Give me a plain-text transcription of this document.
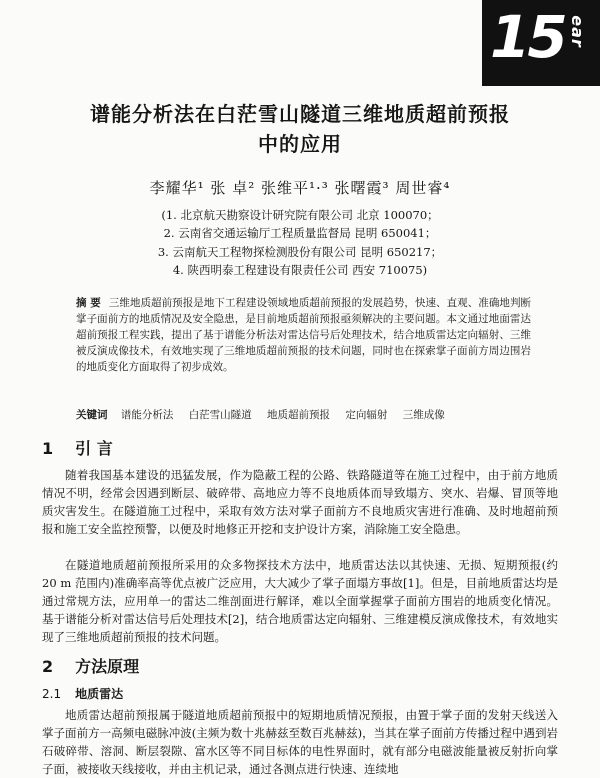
15 ear
谱能分析法在白茫雪山隧道三维地质超前预报
中的应用
李耀华¹ 张 卓² 张维平¹·³ 张曙霞³ 周世睿⁴
(1. 北京航天勘察设计研究院有限公司 北京 100070；
2. 云南省交通运输厅工程质量监督局 昆明 650041；
3. 云南航天工程物探检测股份有限公司 昆明 650217；
4. 陕西明泰工程建设有限责任公司 西安 710075)
摘 要 三维地质超前预报是地下工程建设领域地质超前预报的发展趋势，快速、直观、准确地判断掌子面前方的地质情况及安全隐患，是目前地质超前预报亟须解决的主要问题。本文通过地面雷达超前预报工程实践，提出了基于谱能分析法对雷达信号后处理技术，结合地质雷达定向辐射、三维被反演成像技术，有效地实现了三维地质超前预报的技术问题，同时也在探索掌子面前方周边围岩的地质变化方面取得了初步成效。
关键词 谱能分析法 白茫雪山隧道 地质超前预报 定向辐射 三维成像
1 引 言
随着我国基本建设的迅猛发展，作为隐蔽工程的公路、铁路隧道等在施工过程中，由于前方地质情况不明，经常会因遇到断层、破碎带、高地应力等不良地质体而导致塌方、突水、岩爆、冒顶等地质灾害发生。在隧道施工过程中，采取有效方法对掌子面前方不良地质灾害进行准确、及时地超前预报和施工安全监控预警，以便及时地修正开挖和支护设计方案，消除施工安全隐患。
在隧道地质超前预报所采用的众多物探技术方法中，地质雷达法以其快速、无损、短期预报(约 20 m 范围内)准确率高等优点被广泛应用，大大减少了掌子面塌方事故[1]。但是，目前地质雷达均是通过常规方法，应用单一的雷达二维剖面进行解译，难以全面掌握掌子面前方围岩的地质变化情况。基于谱能分析对雷达信号后处理技术[2]，结合地质雷达定向辐射、三维建模反演成像技术，有效地实现了三维地质超前预报的技术问题。
2 方法原理
2.1 地质雷达
地质雷达超前预报属于隧道地质超前预报中的短期地质情况预报，由置于掌子面的发射天线送入掌子面前方一高频电磁脉冲波(主频为数十兆赫兹至数百兆赫兹)，当其在掌子面前方传播过程中遇到岩石破碎带、溶洞、断层裂隙、富水区等不同目标体的电性界面时，就有部分电磁波能量被反射折向掌子面，被接收天线接收，并由主机记录，通过各测点进行快速、连续地
